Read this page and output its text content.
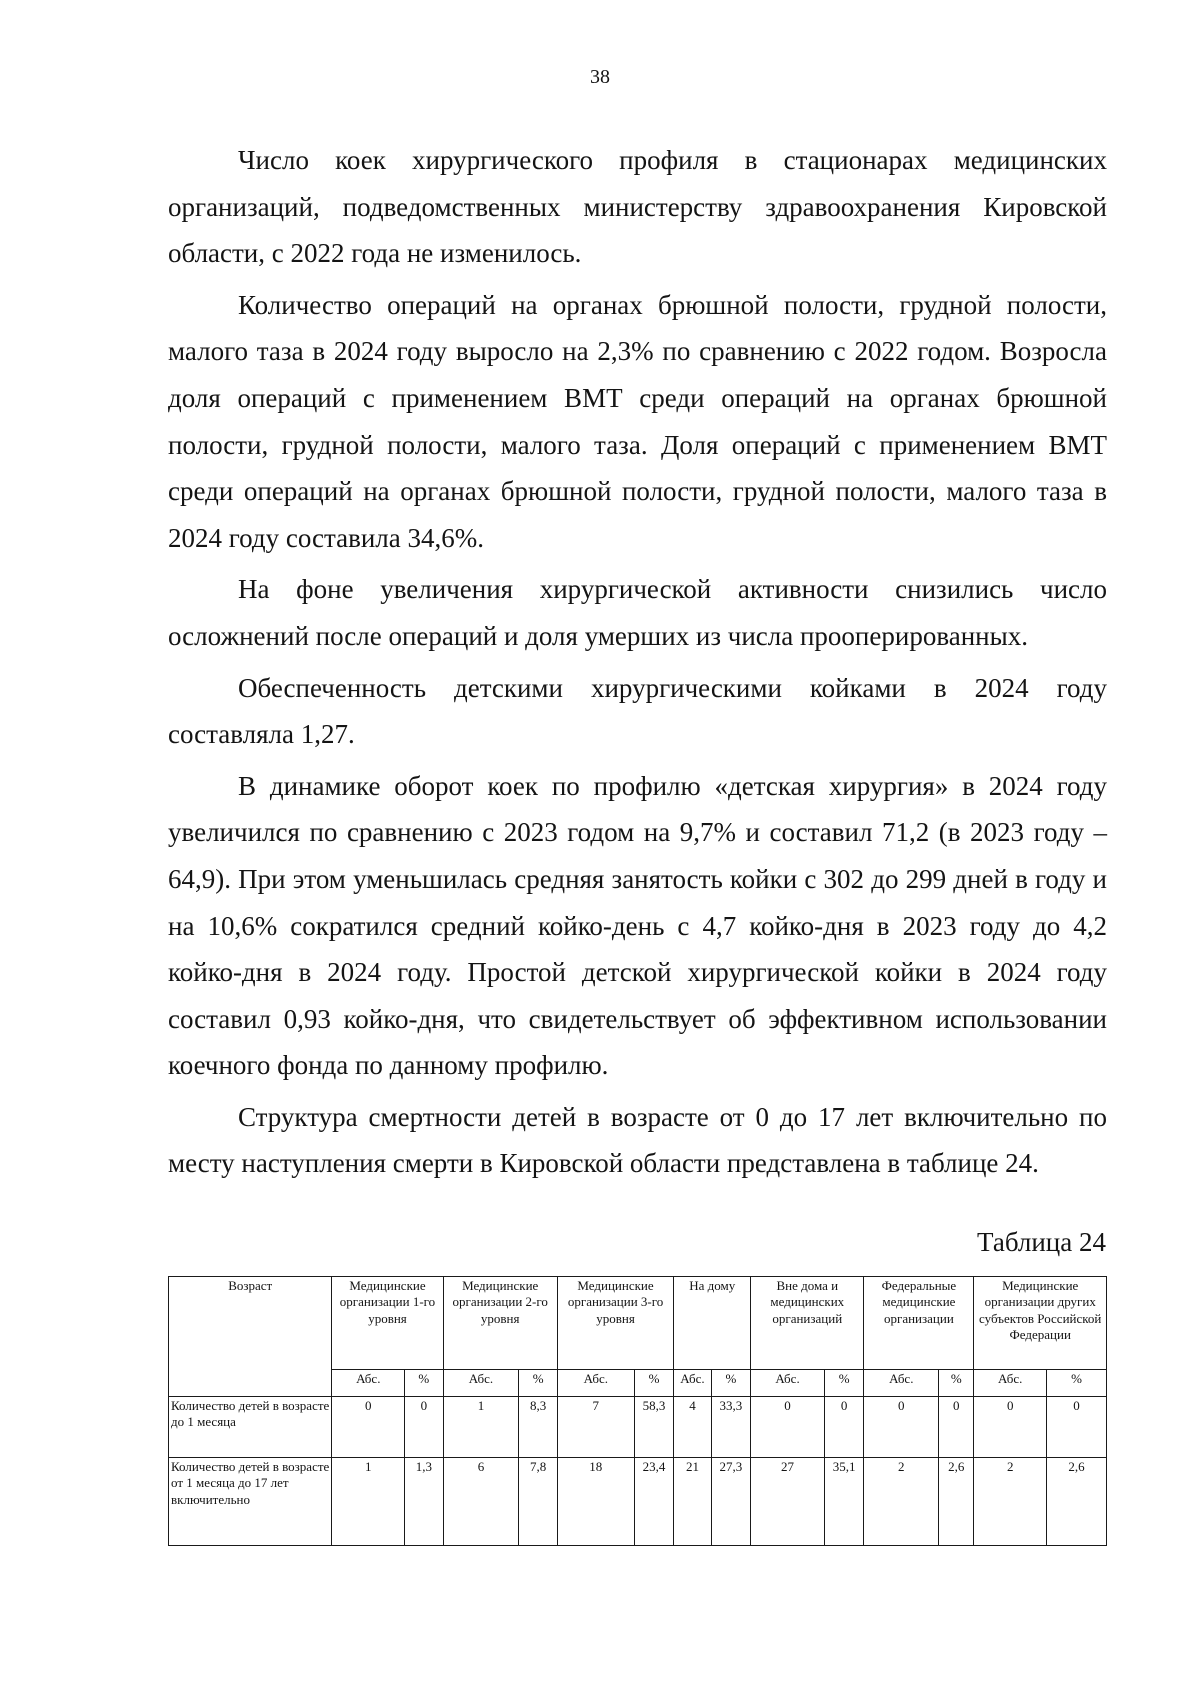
38

Число коек хирургического профиля в стационарах медицинских организаций, подведомственных министерству здравоохранения Кировской области, с 2022 года не изменилось.

Количество операций на органах брюшной полости, грудной полости, малого таза в 2024 году выросло на 2,3% по сравнению с 2022 годом. Возросла доля операций с применением ВМТ среди операций на органах брюшной полости, грудной полости, малого таза. Доля операций с применением ВМТ среди операций на органах брюшной полости, грудной полости, малого таза в 2024 году составила 34,6%.

На фоне увеличения хирургической активности снизились число осложнений после операций и доля умерших из числа прооперированных.

Обеспеченность детскими хирургическими койками в 2024 году составляла 1,27.

В динамике оборот коек по профилю «детская хирургия» в 2024 году увеличился по сравнению с 2023 годом на 9,7% и составил 71,2 (в 2023 году – 64,9). При этом уменьшилась средняя занятость койки с 302 до 299 дней в году и на 10,6% сократился средний койко-день с 4,7 койко-дня в 2023 году до 4,2 койко-дня в 2024 году. Простой детской хирургической койки в 2024 году составил 0,93 койко-дня, что свидетельствует об эффективном использовании коечного фонда по данному профилю.

Структура смертности детей в возрасте от 0 до 17 лет включительно по месту наступления смерти в Кировской области представлена в таблице 24.

Таблица 24
Возраст	Медицинские организации 1-го уровня		Медицинские организации 2-го уровня		Медицинские организации 3-го уровня		На дому		Вне дома и медицинских организаций		Федеральные медицинские организации		Медицинские организации других субъектов Российской Федерации	
	Абс.	%	Абс.	%	Абс.	%	Абс.	%	Абс.	%	Абс.	%	Абс.	%
Количество детей в возрасте до 1 месяца	0	0	1	8,3	7	58,3	4	33,3	0	0	0	0	0	0
Количество детей в возрасте от 1 месяца до 17 лет включительно	1	1,3	6	7,8	18	23,4	21	27,3	27	35,1	2	2,6	2	2,6
